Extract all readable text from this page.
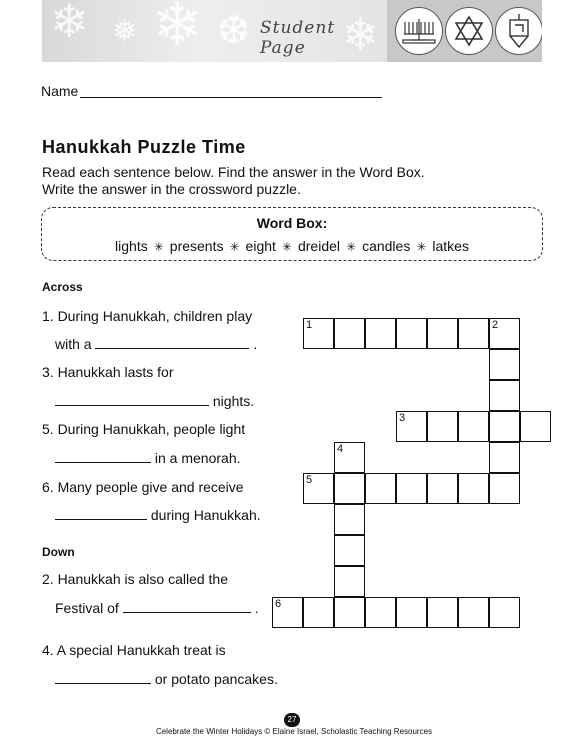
❄ ❅ ❄ ❆ ❄
Student Page
Name
Hanukkah Puzzle Time
Read each sentence below. Find the answer in the Word Box.
Write the answer in the crossword puzzle.
Word Box:
lights ✳ presents ✳ eight ✳ dreidel ✳ candles ✳ latkes
Across
1. During Hanukkah, children play
with a	.
3. Hanukkah lasts for
nights.
5. During Hanukkah, people light
in a menorah.
6. Many people give and receive
during Hanukkah.
Down
2. Hanukkah is also called the
Festival of	.
4. A special Hanukkah treat is
or potato pancakes.
1	2
3
5
4
6
27
Celebrate the Winter Holidays © Elaine Israel, Scholastic Teaching Resources
